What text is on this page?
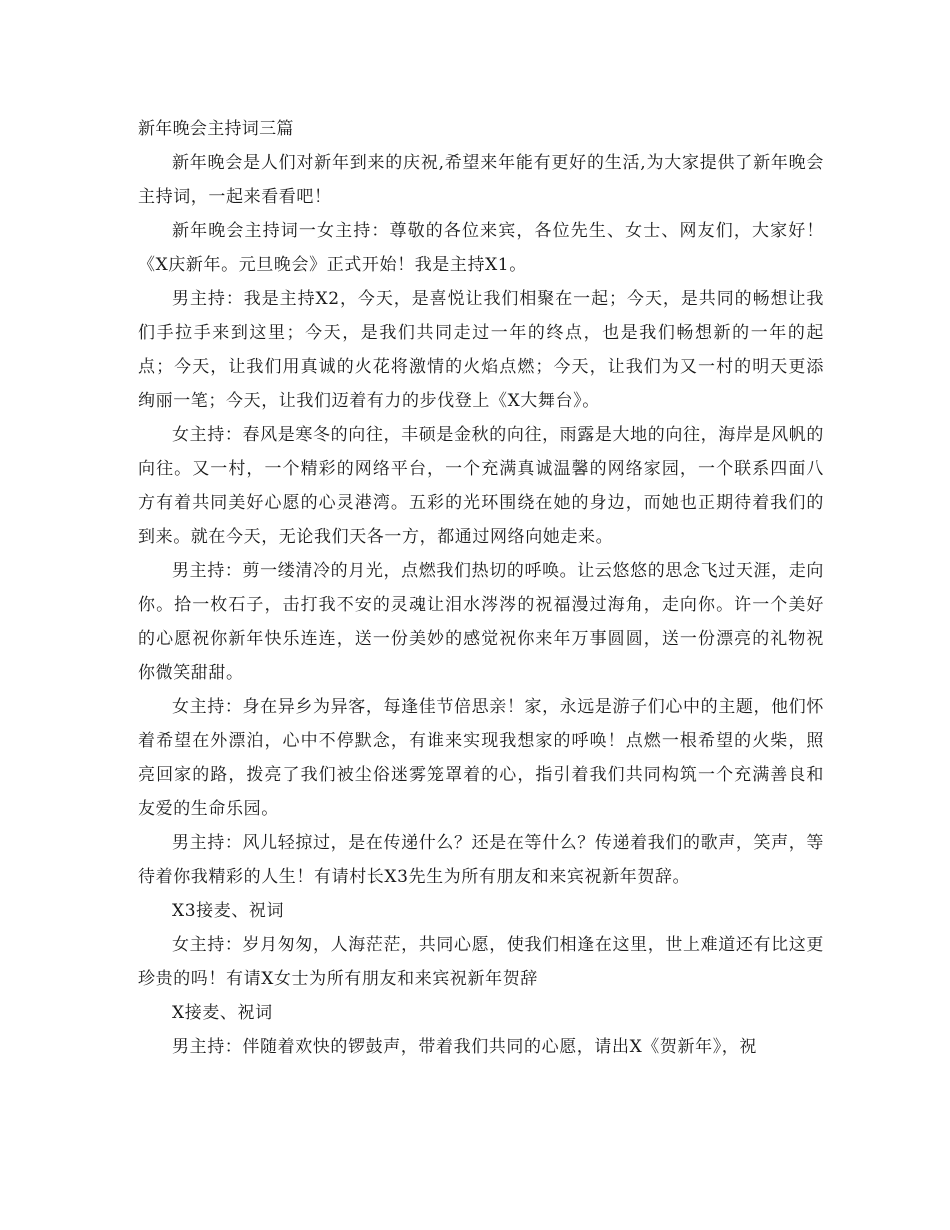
新年晚会主持词三篇

新年晚会是人们对新年到来的庆祝,希望来年能有更好的生活,为大家提供了新年晚会主持词，一起来看看吧！

新年晚会主持词一女主持：尊敬的各位来宾，各位先生、女士、网友们，大家好！《X庆新年。元旦晚会》正式开始！我是主持X1。

男主持：我是主持X2，今天，是喜悦让我们相聚在一起；今天，是共同的畅想让我们手拉手来到这里；今天，是我们共同走过一年的终点，也是我们畅想新的一年的起点；今天，让我们用真诚的火花将激情的火焰点燃；今天，让我们为又一村的明天更添绚丽一笔；今天，让我们迈着有力的步伐登上《X大舞台》。

女主持：春风是寒冬的向往，丰硕是金秋的向往，雨露是大地的向往，海岸是风帆的向往。又一村，一个精彩的网络平台，一个充满真诚温馨的网络家园，一个联系四面八方有着共同美好心愿的心灵港湾。五彩的光环围绕在她的身边，而她也正期待着我们的到来。就在今天，无论我们天各一方，都通过网络向她走来。

男主持：剪一缕清冷的月光，点燃我们热切的呼唤。让云悠悠的思念飞过天涯，走向你。拾一枚石子，击打我不安的灵魂让泪水涔涔的祝福漫过海角，走向你。许一个美好的心愿祝你新年快乐连连，送一份美妙的感觉祝你来年万事圆圆，送一份漂亮的礼物祝你微笑甜甜。

女主持：身在异乡为异客，每逢佳节倍思亲！家，永远是游子们心中的主题，他们怀着希望在外漂泊，心中不停默念，有谁来实现我想家的呼唤！点燃一根希望的火柴，照亮回家的路，拨亮了我们被尘俗迷雾笼罩着的心，指引着我们共同构筑一个充满善良和友爱的生命乐园。

男主持：风儿轻掠过，是在传递什么？还是在等什么？传递着我们的歌声，笑声，等待着你我精彩的人生！有请村长X3先生为所有朋友和来宾祝新年贺辞。

X3接麦、祝词

女主持：岁月匆匆，人海茫茫，共同心愿，使我们相逢在这里，世上难道还有比这更珍贵的吗！有请X女士为所有朋友和来宾祝新年贺辞

X接麦、祝词

男主持：伴随着欢快的锣鼓声，带着我们共同的心愿，请出X《贺新年》，祝
